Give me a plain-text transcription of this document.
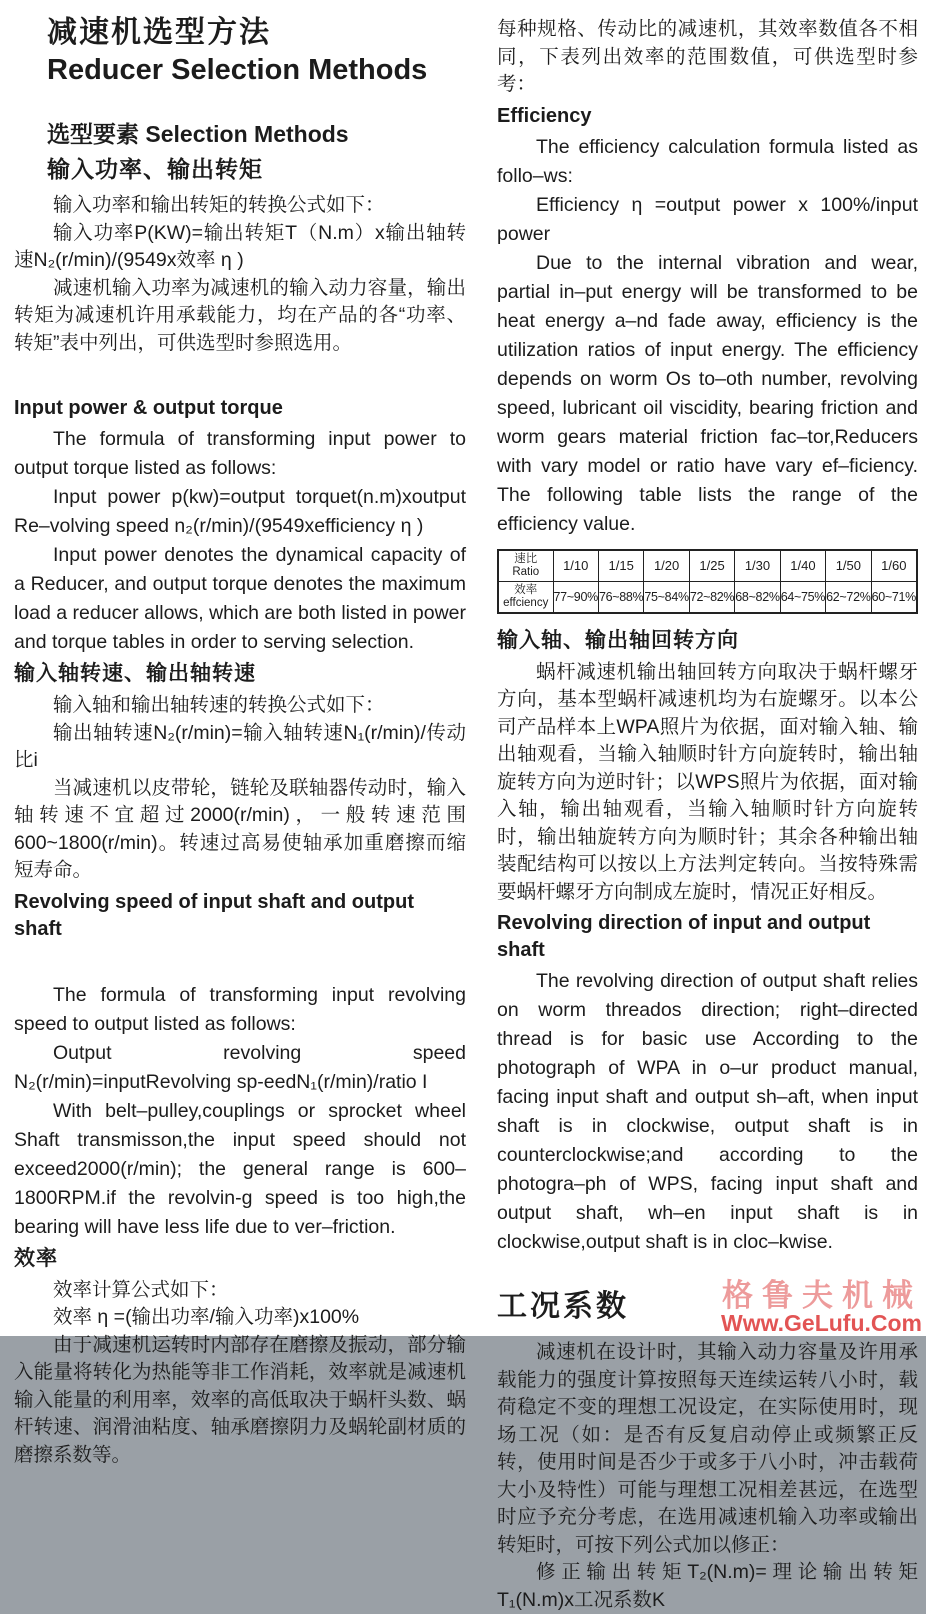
减速机选型方法
Reducer Selection Methods
选型要素 Selection Methods
输入功率、输出转矩

输入功率和输出转矩的转换公式如下：

输入功率P(KW)=输出转矩T（N.m）x输出轴转速N₂(r/min)/(9549x效率 η )

减速机输入功率为减速机的输入动力容量，输出转矩为减速机许用承载能力，均在产品的各“功率、转矩”表中列出，可供选型时参照选用。

Input power & output torque

The formula of transforming input power to output torque listed as follows:

Input power p(kw)=output torquet(n.m)xoutput Re–volving speed n₂(r/min)/(9549xefficiency η )

Input power denotes the dynamical capacity of a Reducer, and output torque denotes the maximum load a reducer allows, which are both listed in power and torque tables in order to serving selection.

输入轴转速、输出轴转速

输入轴和输出轴转速的转换公式如下：

输出轴转速N₂(r/min)=输入轴转速N₁(r/min)/传动比i

当减速机以皮带轮，链轮及联轴器传动时，输入轴转速不宜超过2000(r/min)，一般转速范围600~1800(r/min)。转速过高易使轴承加重磨擦而缩短寿命。

Revolving speed of input shaft and output shaft

The formula of transforming input revolving speed to output listed as follows:

Output revolving speed N₂(r/min)=inputRevolving sp-eedN₁(r/min)/ratio I

With belt–pulley,couplings or sprocket wheel Shaft transmisson,the input speed should not exceed2000(r/min); the general range is 600–1800RPM.if the revolvin-g speed is too high,the bearing will have less life due to ver–friction.

效率

效率计算公式如下：

效率 η =(输出功率/输入功率)x100%

由于减速机运转时内部存在磨擦及振动，部分输入能量将转化为热能等非工作消耗，效率就是减速机输入能量的利用率，效率的高低取决于蜗杆头数、蜗杆转速、润滑油粘度、轴承磨擦阴力及蜗轮副材质的磨擦系数等。

每种规格、传动比的减速机，其效率数值各不相同，下表列出效率的范围数值，可供选型时参考：

Efficiency

The efficiency calculation formula listed as follo–ws:

Efficiency η =output power x 100%/input power

Due to the internal vibration and wear, partial in–put energy will be transformed to be heat energy a–nd fade away, efficiency is the utilization ratios of input energy. The efficiency depends on worm Os to–oth number, revolving speed, lubricant oil viscidity, bearing friction and worm gears material friction fac–tor,Reducers with vary model or ratio have vary ef–ficiency. The following table lists the range of the efficiency value.

速比
Ratio	1/10	1/15	1/20	1/25	1/30	1/40	1/50	1/60

效率
effciency	77~90%	76~88%	75~84%	72~82%	68~82%	64~75%	62~72%	60~71%
输入轴、输出轴回转方向

蜗杆减速机输出轴回转方向取决于蜗杆螺牙方向，基本型蜗杆减速机均为右旋螺牙。以本公司产品样本上WPA照片为依据，面对输入轴、输出轴观看，当输入轴顺时针方向旋转时，输出轴旋转方向为逆时针；以WPS照片为依据，面对输入轴，输出轴观看，当输入轴顺时针方向旋转时，输出轴旋转方向为顺时针；其余各种输出轴装配结构可以按以上方法判定转向。当按特殊需要蜗杆螺牙方向制成左旋时，情况正好相反。

Revolving direction of input and output shaft

The revolving direction of output shaft relies on worm threados direction; right–directed thread is for basic use According to the photograph of WPA in o–ur product manual, facing input shaft and output sh–aft, when input shaft is in clockwise, output shaft is in counterclockwise;and according to the photogra–ph of WPS, facing input shaft and output shaft, wh–en input shaft is in clockwise,output shaft is in cloc–kwise.

工况系数

减速机在设计时，其输入动力容量及许用承载能力的强度计算按照每天连续运转八小时，载荷稳定不变的理想工况设定，在实际使用时，现场工况（如：是否有反复启动停止或频繁正反转，使用时间是否少于或多于八小时，冲击载荷大小及特性）可能与理想工况相差甚远，在选型时应予充分考虑，在选用减速机输入功率或输出转矩时，可按下列公式加以修正：

修正输出转矩T₂(N.m)=理论输出转矩T₁(N.m)x工况系数K

格鲁夫机械
Www.GeLufu.Com
